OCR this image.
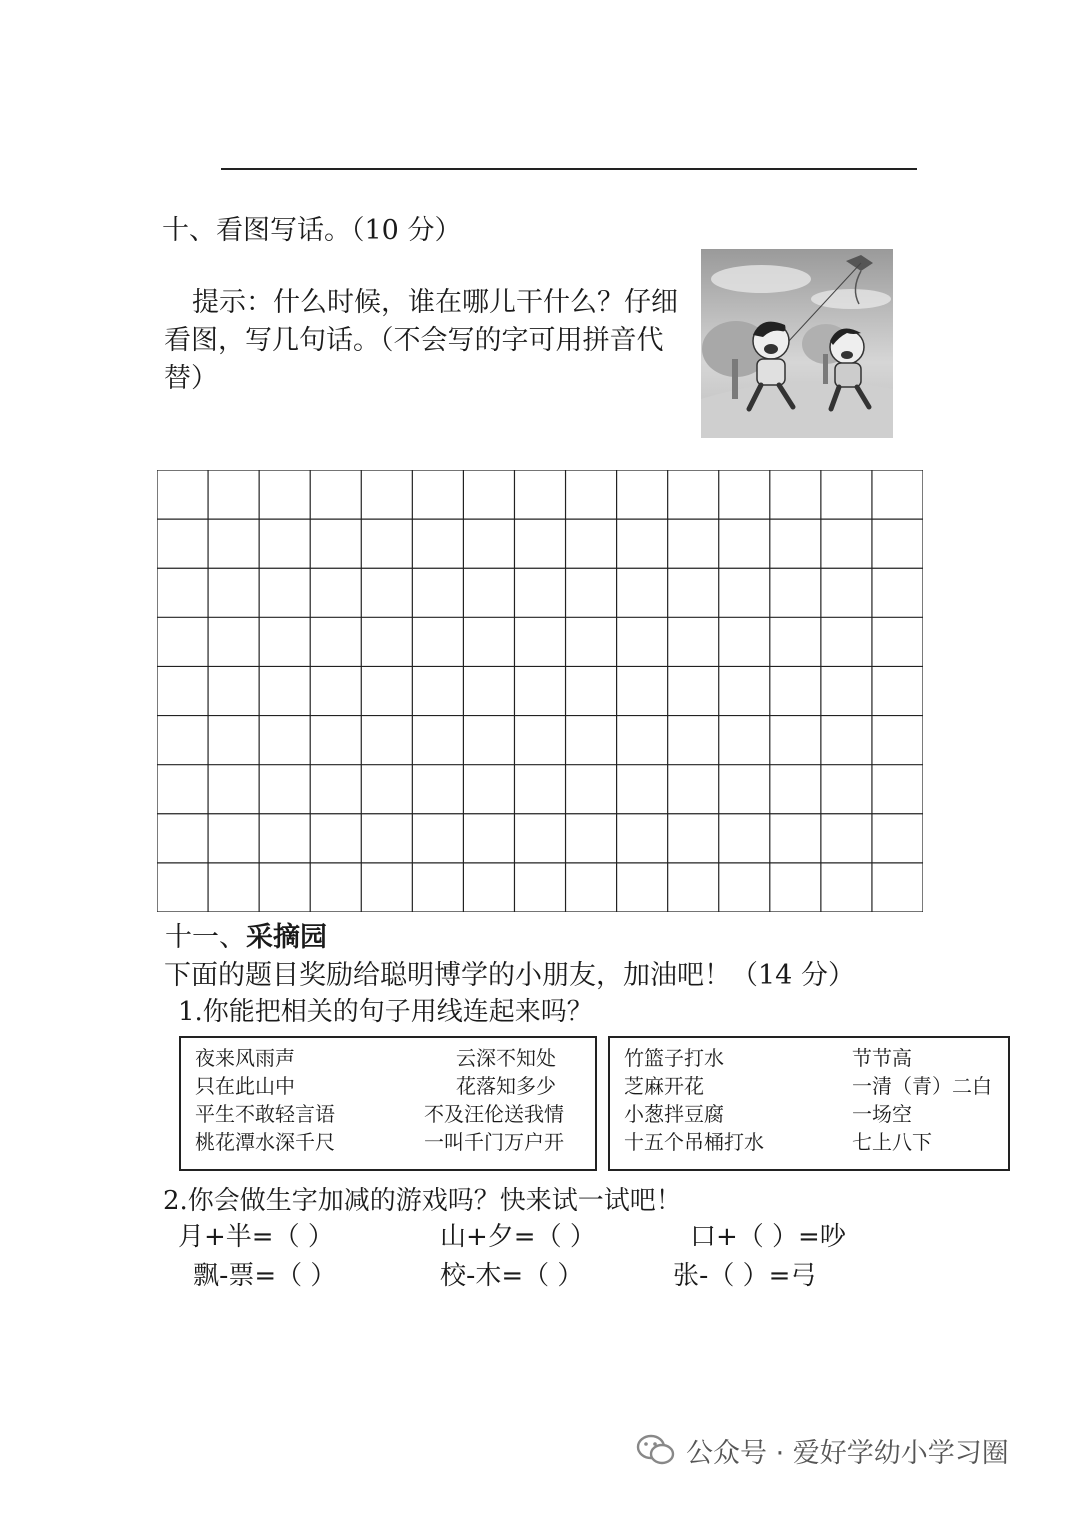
十、看图写话。（10 分）
提示：什么时候，谁在哪儿干什么？仔细看图，写几句话。（不会写的字可用拼音代替）
十一、采摘园
下面的题目奖励给聪明博学的小朋友，加油吧！（14 分）
1.你能把相关的句子用线连起来吗？
夜来风雨声
只在此山中
平生不敢轻言语
桃花潭水深千尺
云深不知处
花落知多少
不及汪伦送我情
一叫千门万户开
竹篮子打水
芝麻开花
小葱拌豆腐
十五个吊桶打水
节节高
一清（青）二白
一场空
七上八下
2.你会做生字加减的游戏吗？快来试一试吧！
月+半=（ ）	山+夕=（ ）	口+（ ）=吵
飘-票=（ ）	校-木=（ ）	张-（ ）=弓
公众号 · 爱好学幼小学习圈
